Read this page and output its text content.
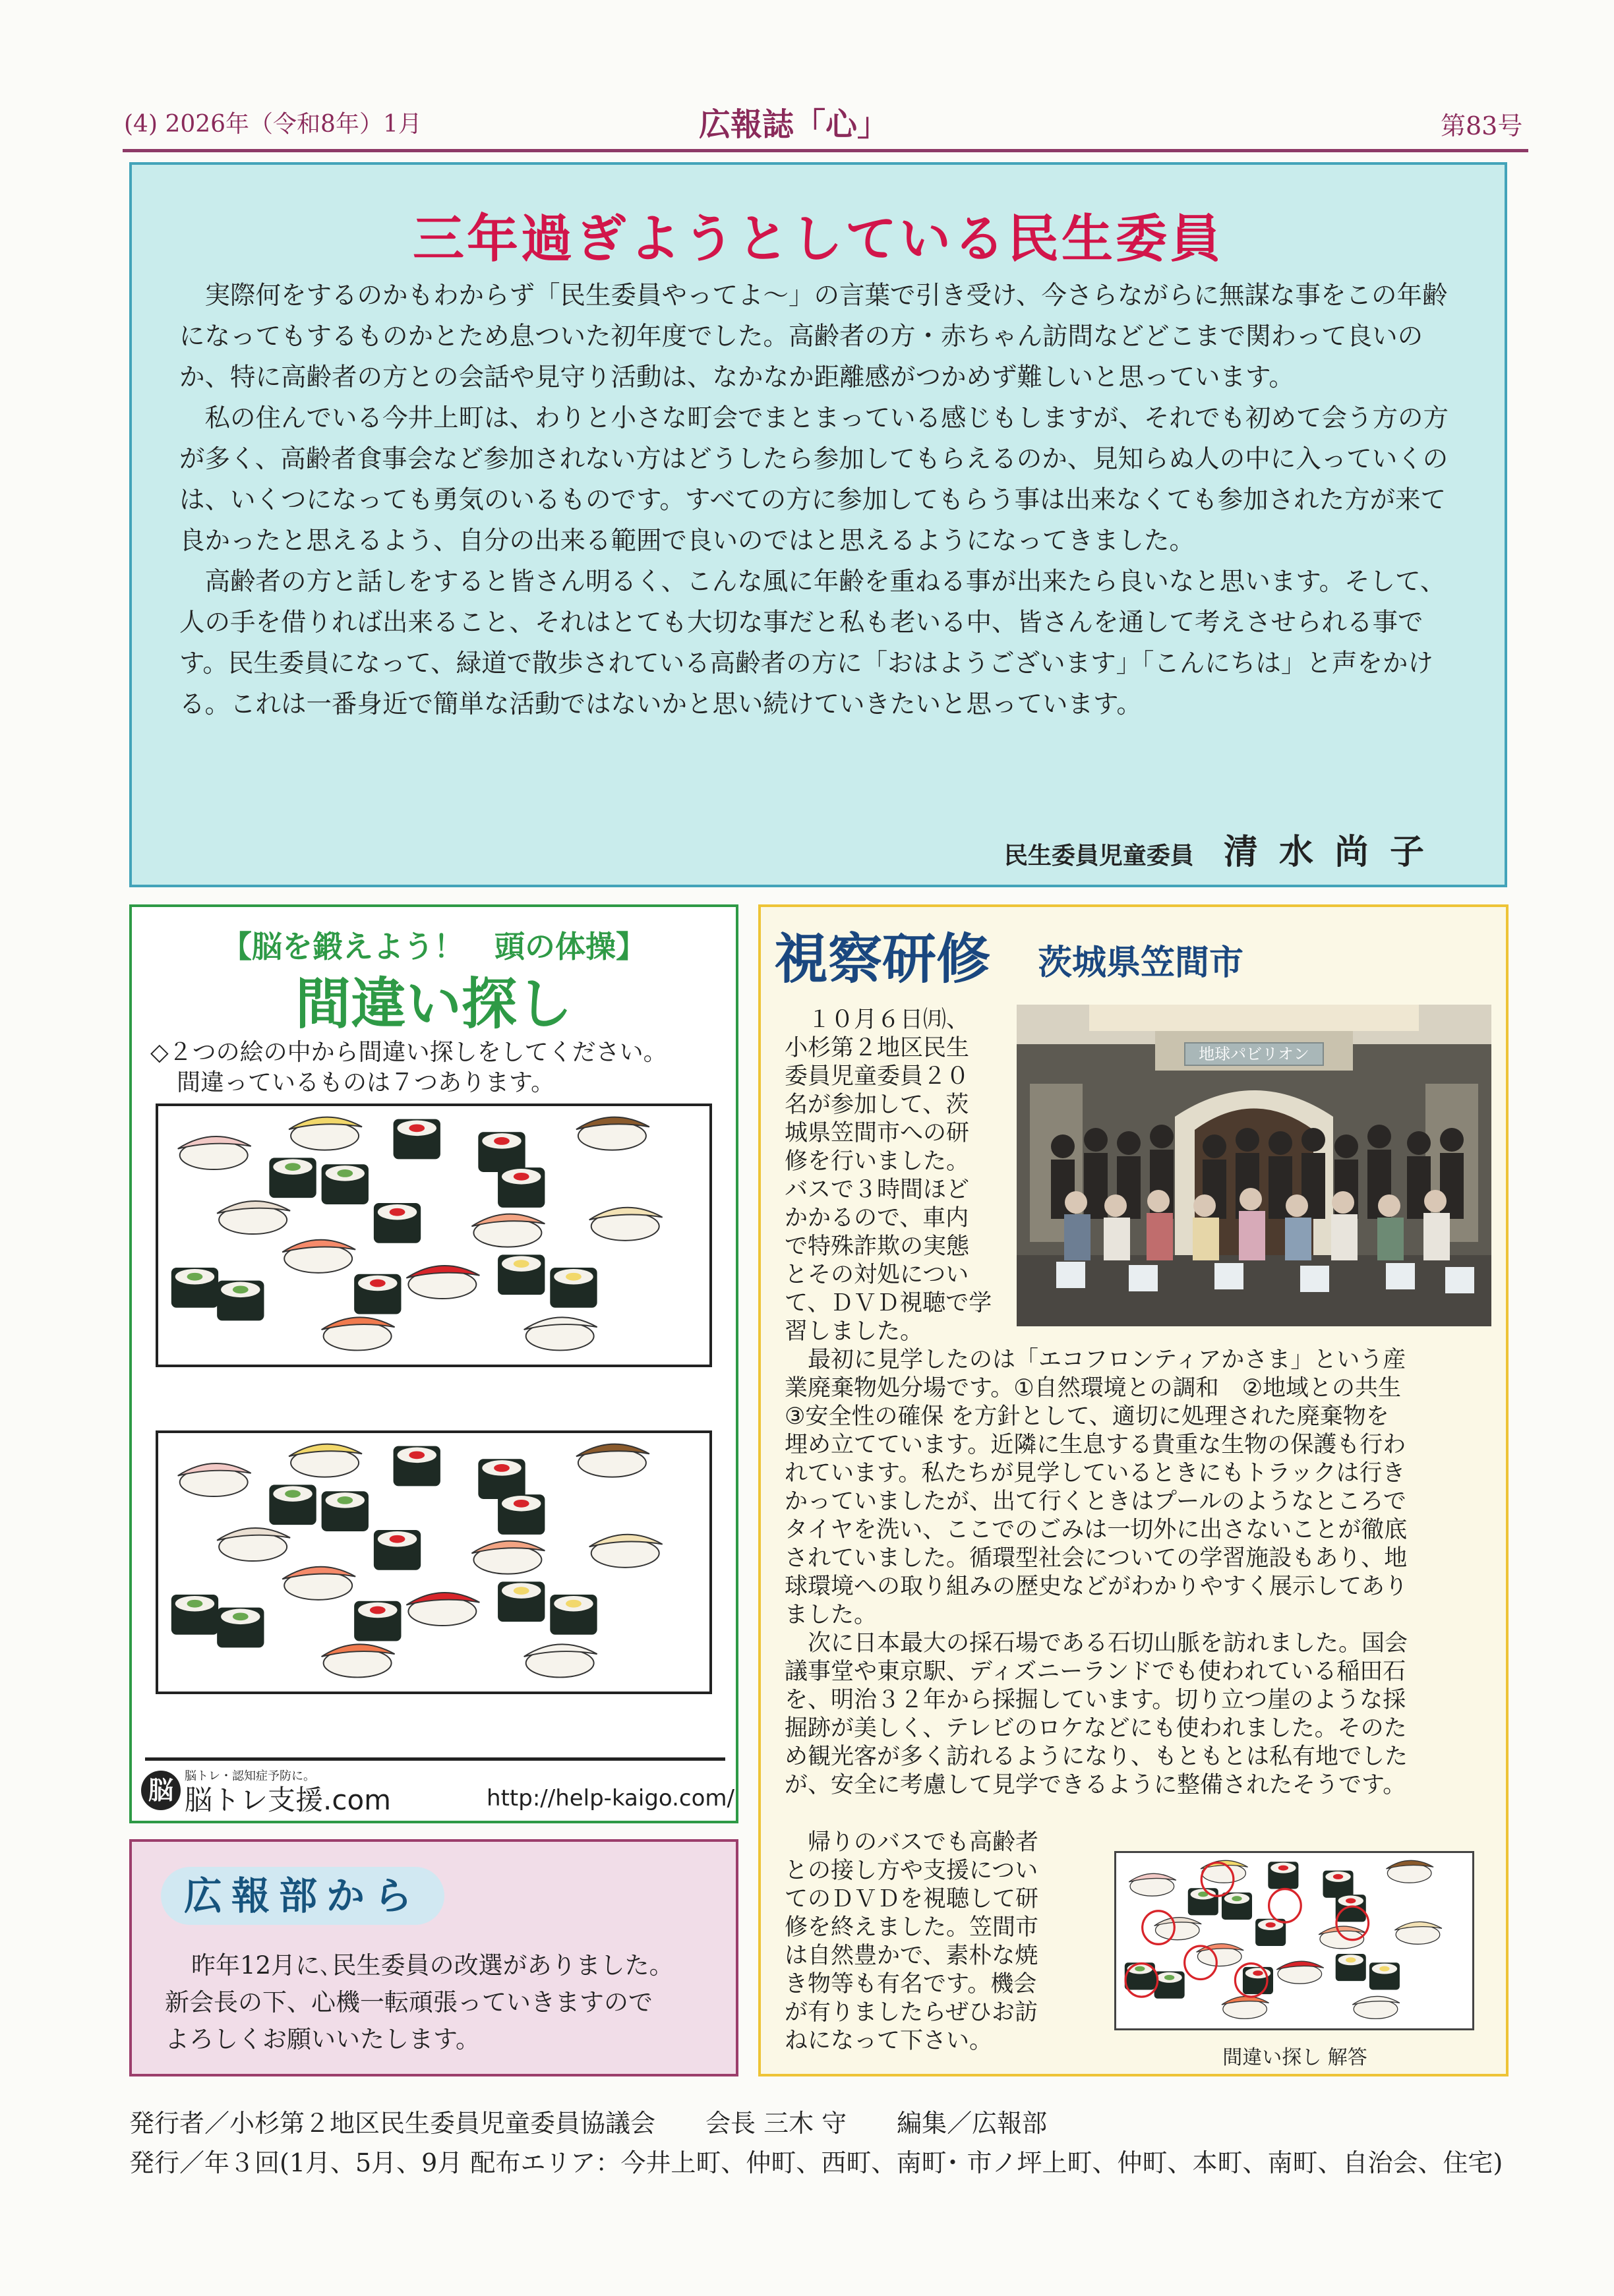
(4) 2026年（令和8年）1月	広報誌「心」	第83号
三年過ぎようとしている民生委員

実際何をするのかもわからず「民生委員やってよ～」の言葉で引き受け、今さらながらに無謀な事をこの年齢になってもするものかとため息ついた初年度でした。高齢者の方・赤ちゃん訪問などどこまで関わって良いのか、特に高齢者の方との会話や見守り活動は、なかなか距離感がつかめず難しいと思っています。

私の住んでいる今井上町は、わりと小さな町会でまとまっている感じもしますが、それでも初めて会う方の方が多く、高齢者食事会など参加されない方はどうしたら参加してもらえるのか、見知らぬ人の中に入っていくのは、いくつになっても勇気のいるものです。すべての方に参加してもらう事は出来なくても参加された方が来て良かったと思えるよう、自分の出来る範囲で良いのではと思えるようになってきました。

高齢者の方と話しをすると皆さん明るく、こんな風に年齢を重ねる事が出来たら良いなと思います。そして、人の手を借りれば出来ること、それはとても大切な事だと私も老いる中、皆さんを通して考えさせられる事です。民生委員になって、緑道で散歩されている高齢者の方に「おはようございます」「こんにちは」と声をかける。これは一番身近で簡単な活動ではないかと思い続けていきたいと思っています。

民生委員児童委員 清水尚子
【脳を鍛えよう！　頭の体操】
間違い探し
◇２つの絵の中から間違い探しをしてください。
間違っているものは７つあります。
脳 脳トレ・認知症予防に。
脳トレ支援.com	http://help-kaigo.com/
広報部から
昨年12月に､民生委員の改選がありました。
新会長の下、心機一転頑張っていきますので
よろしくお願いいたします。
視察研修 茨城県笠間市
地球パビリオン
　１０月６日㈪、
小杉第２地区民生
委員児童委員２０
名が参加して、茨
城県笠間市への研
修を行いました。
バスで３時間ほど
かかるので、車内
で特殊詐欺の実態
とその対処につい
て、ＤＶＤ視聴で学
習しました。
　最初に見学したのは「エコフロンティアかさま」という産
業廃棄物処分場です。①自然環境との調和　②地域との共生
③安全性の確保 を方針として、適切に処理された廃棄物を
埋め立てています。近隣に生息する貴重な生物の保護も行わ
れています。私たちが見学しているときにもトラックは行き
かっていましたが、出て行くときはプールのようなところで
タイヤを洗い、ここでのごみは一切外に出さないことが徹底
されていました。循環型社会についての学習施設もあり、地
球環境への取り組みの歴史などがわかりやすく展示してあり
ました。
　次に日本最大の採石場である石切山脈を訪れました。国会
議事堂や東京駅、ディズニーランドでも使われている稲田石
を、明治３２年から採掘しています。切り立つ崖のような採
掘跡が美しく、テレビのロケなどにも使われました。そのた
め観光客が多く訪れるようになり、もともとは私有地でした
が、安全に考慮して見学できるように整備されたそうです。
　帰りのバスでも高齢者
との接し方や支援につい
てのＤＶＤを視聴して研
修を終えました。笠間市
は自然豊かで、素朴な焼
き物等も有名です。機会
が有りましたらぜひお訪
ねになって下さい。
間違い探し 解答
発行者／小杉第２地区民生委員児童委員協議会　　会長 三木 守　　編集／広報部
発行／年３回(1月、5月、9月 配布エリア：今井上町、仲町、西町、南町･ 市ノ坪上町、仲町、本町、南町、自治会、住宅)
